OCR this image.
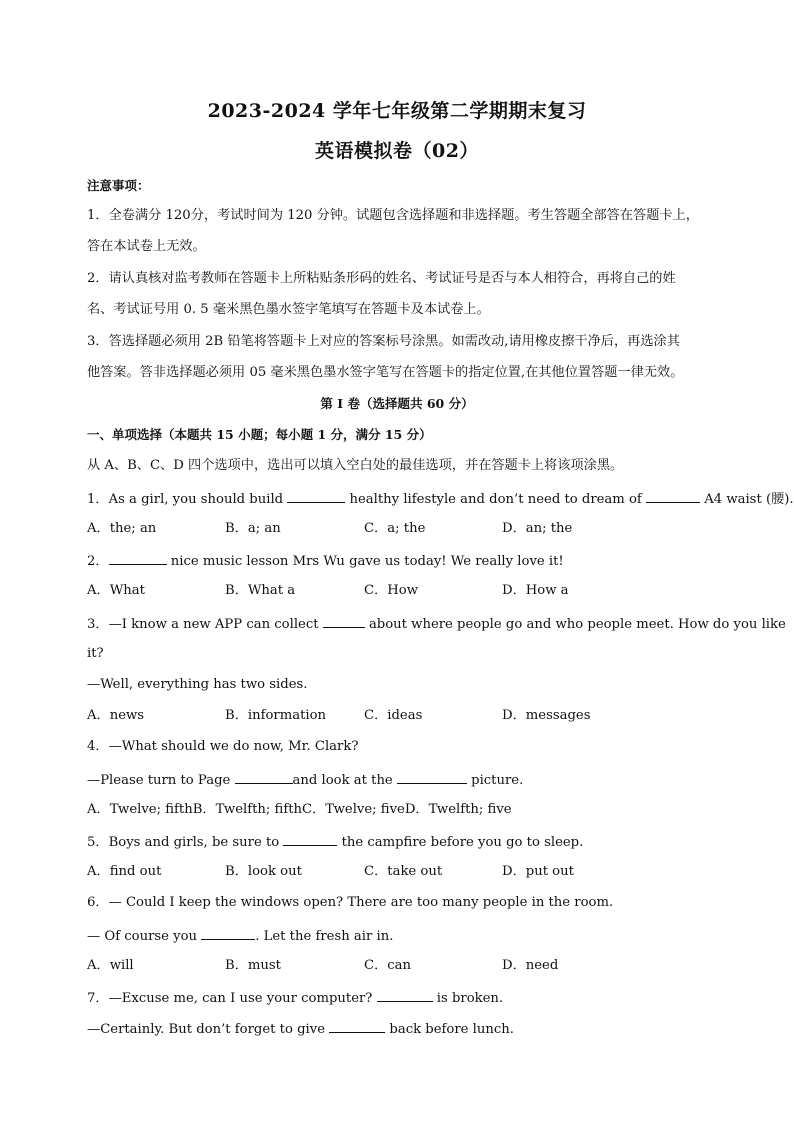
2023-2024 学年七年级第二学期期末复习
英语模拟卷（02）
注意事项：
1．全卷满分 120分，考试时间为 120 分钟。试题包含选择题和非选择题。考生答题全部答在答题卡上，
答在本试卷上无效。
2．请认真核对监考教师在答题卡上所粘贴条形码的姓名、考试证号是否与本人相符合，再将自己的姓
名、考试证号用 0. 5 毫米黑色墨水签字笔填写在答题卡及本试卷上。
3．答选择题必须用 2B 铅笔将答题卡上对应的答案标号涂黑。如需改动,请用橡皮擦干净后，再选涂其
他答案。答非选择题必须用 05 毫米黑色墨水签字笔写在答题卡的指定位置,在其他位置答题一律无效。
第 I 卷（选择题共 60 分）
一、单项选择（本题共 15 小题；每小题 1 分，满分 15 分）
从 A、B、C、D 四个选项中，选出可以填入空白处的最佳选项，并在答题卡上将该项涂黑。
1．As a girl, you should build	healthy lifestyle and don’t need to dream of	A4 waist (腰).
A．the; an	B．a; an	C．a; the	D．an; the
2．	nice music lesson Mrs Wu gave us today! We really love it!
A．What	B．What a	C．How	D．How a
3．—I know a new APP can collect	about where people go and who people meet. How do you like
it?
—Well, everything has two sides.
A．news	B．information	C．ideas	D．messages
4．—What should we do now, Mr. Clark?
—Please turn to Page	and look at the	picture.
A．Twelve; fifthB．Twelfth; fifthC．Twelve; fiveD．Twelfth; five
5．Boys and girls, be sure to	the campfire before you go to sleep.
A．find out	B．look out	C．take out	D．put out
6．— Could I keep the windows open? There are too many people in the room.
— Of course you	. Let the fresh air in.
A．will	B．must	C．can	D．need
7．—Excuse me, can I use your computer?	is broken.
—Certainly. But don’t forget to give	back before lunch.
